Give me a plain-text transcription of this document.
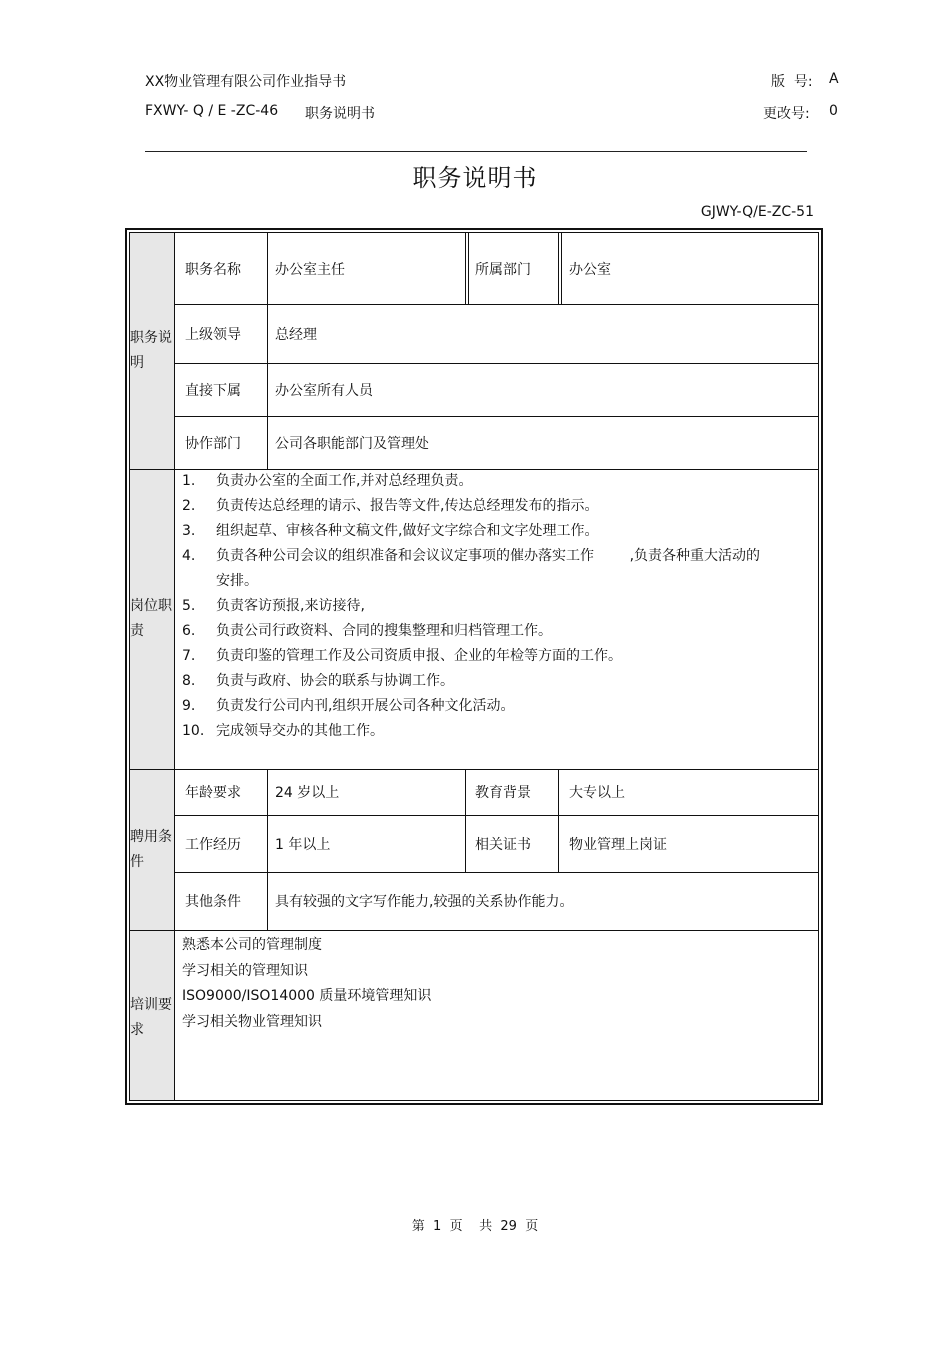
XX物业管理有限公司作业指导书
FXWY- Q / E -ZC-46 职务说明书
版  号: A
更改号: 0
职务说明书
GJWY-Q/E-ZC-51
职务说明
岗位职责
聘用条件
培训要求
职务名称 办公室主任	所属部门	办公室
上级领导 总经理
直接下属 办公室所有人员
协作部门 公司各职能部门及管理处
1.	负责办公室的全面工作,并对总经理负责。
2.	负责传达总经理的请示、报告等文件,传达总经理发布的指示。
3.	组织起草、审核各种文稿文件,做好文字综合和文字处理工作。
4.	负责各种公司会议的组织准备和会议议定事项的催办落实工作        ,负责各种重大活动的安排。
5.	负责客访预报,来访接待,
6.	负责公司行政资料、合同的搜集整理和归档管理工作。
7.	负责印鉴的管理工作及公司资质申报、企业的年检等方面的工作。
8.	负责与政府、协会的联系与协调工作。
9.	负责发行公司内刊,组织开展公司各种文化活动。
10. 完成领导交办的其他工作。
年龄要求 24 岁以上	教育背景	大专以上
工作经历 1 年以上	相关证书	物业管理上岗证
其他条件 具有较强的文字写作能力,较强的关系协作能力。
熟悉本公司的管理制度
学习相关的管理知识
ISO9000/ISO14000 质量环境管理知识
学习相关物业管理知识
第  1  页    共  29  页
